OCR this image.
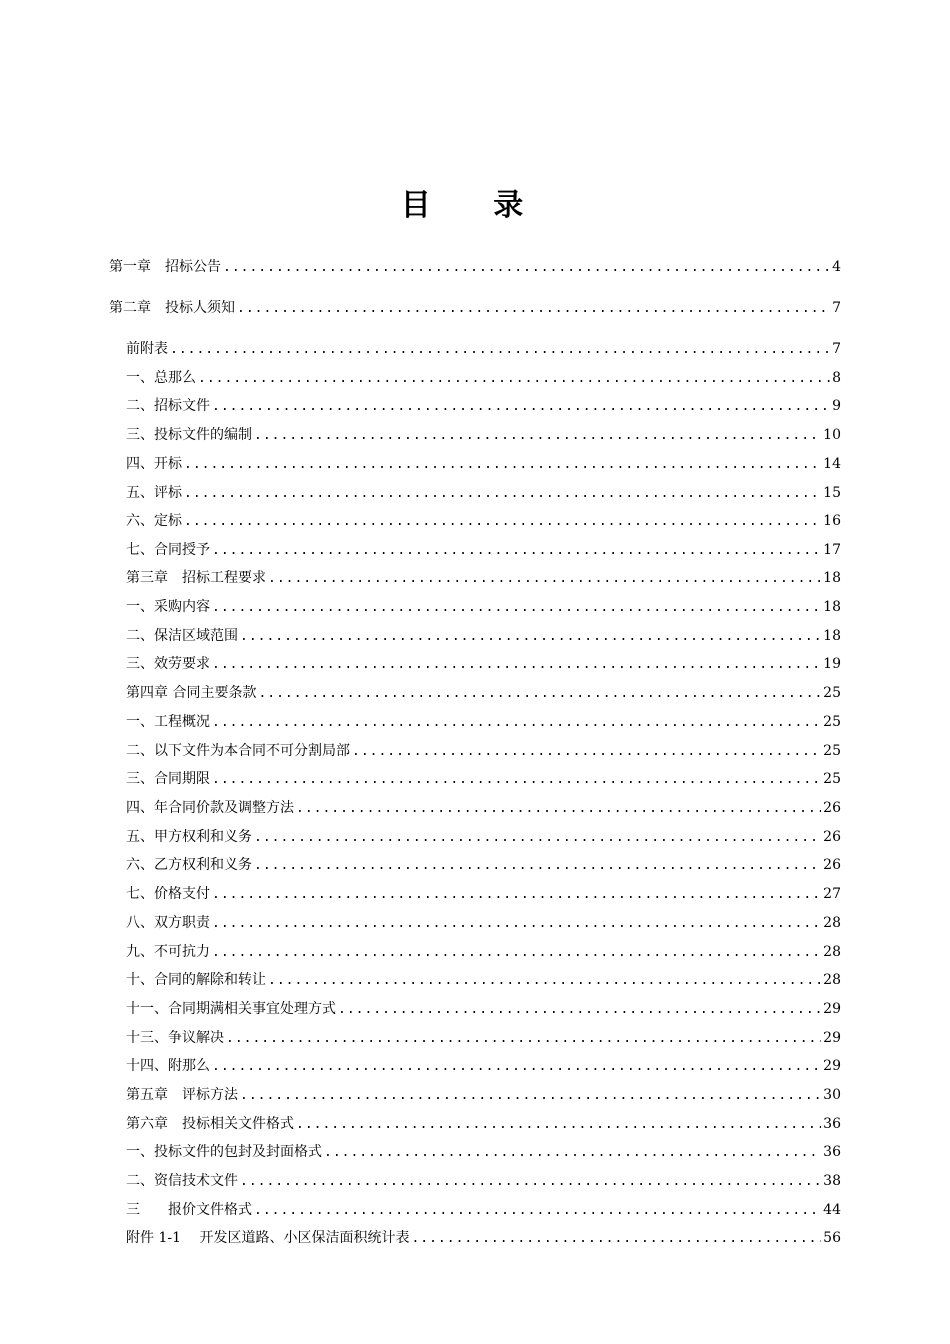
目 录
第一章　招标公告 .....	4
第二章　投标人须知 .....	7
前附表 .....	7
一、总那么 .....	8
二、招标文件 .....	9
三、投标文件的编制 .....	10
四、开标 .....	14
五、评标 .....	15
六、定标 .....	16
七、合同授予 .....	17
第三章　招标工程要求 .....	18
一、采购内容 .....	18
二、保洁区域范围 .....	18
三、效劳要求 .....	19
第四章 合同主要条款 .....	25
一、工程概况 .....	25
二、以下文件为本合同不可分割局部 .....	25
三、合同期限 .....	25
四、年合同价款及调整方法 .....	26
五、甲方权利和义务 .....	26
六、乙方权利和义务 .....	26
七、价格支付 .....	27
八、双方职责 .....	28
九、不可抗力 .....	28
十、合同的解除和转让 .....	28
十一、合同期满相关事宜处理方式 .....	29
十三、争议解决 .....	29
十四、附那么 .....	29
第五章　评标方法 .....	30
第六章　投标相关文件格式 .....	36
一、投标文件的包封及封面格式 .....	36
二、资信技术文件 .....	38
三　　报价文件格式 .....	44
附件 1-1　 开发区道路、小区保洁面积统计表 .....	56
